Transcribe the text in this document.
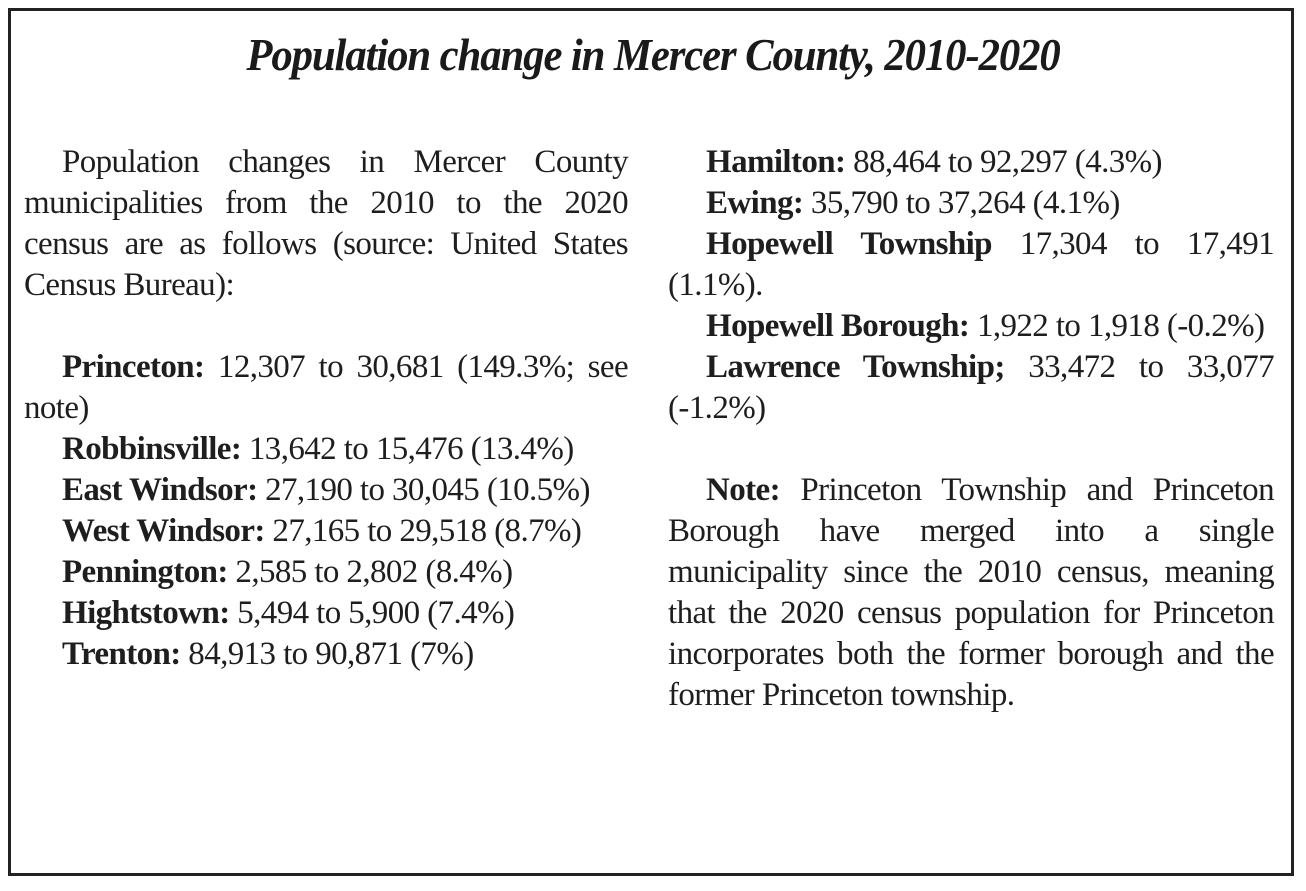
Population change in Mercer County, 2010-2020

Population changes in Mercer County municipalities from the 2010 to the 2020 census are as follows (source: United States Census Bureau):

Princeton: 12,307 to 30,681 (149.3%; see note)

Robbinsville: 13,642 to 15,476 (13.4%)

East Windsor: 27,190 to 30,045 (10.5%)

West Windsor: 27,165 to 29,518 (8.7%)

Pennington: 2,585 to 2,802 (8.4%)

Hightstown: 5,494 to 5,900 (7.4%)

Trenton: 84,913 to 90,871 (7%)

Hamilton: 88,464 to 92,297 (4.3%)

Ewing: 35,790 to 37,264 (4.1%)

Hopewell Township 17,304 to 17,491 (1.1%).

Hopewell Borough: 1,922 to 1,918 (-0.2%)

Lawrence Township; 33,472 to 33,077 (-1.2%)

Note: Princeton Township and Princeton Borough have merged into a single municipality since the 2010 census, meaning that the 2020 census population for Princeton incorporates both the former borough and the former Princeton township.
